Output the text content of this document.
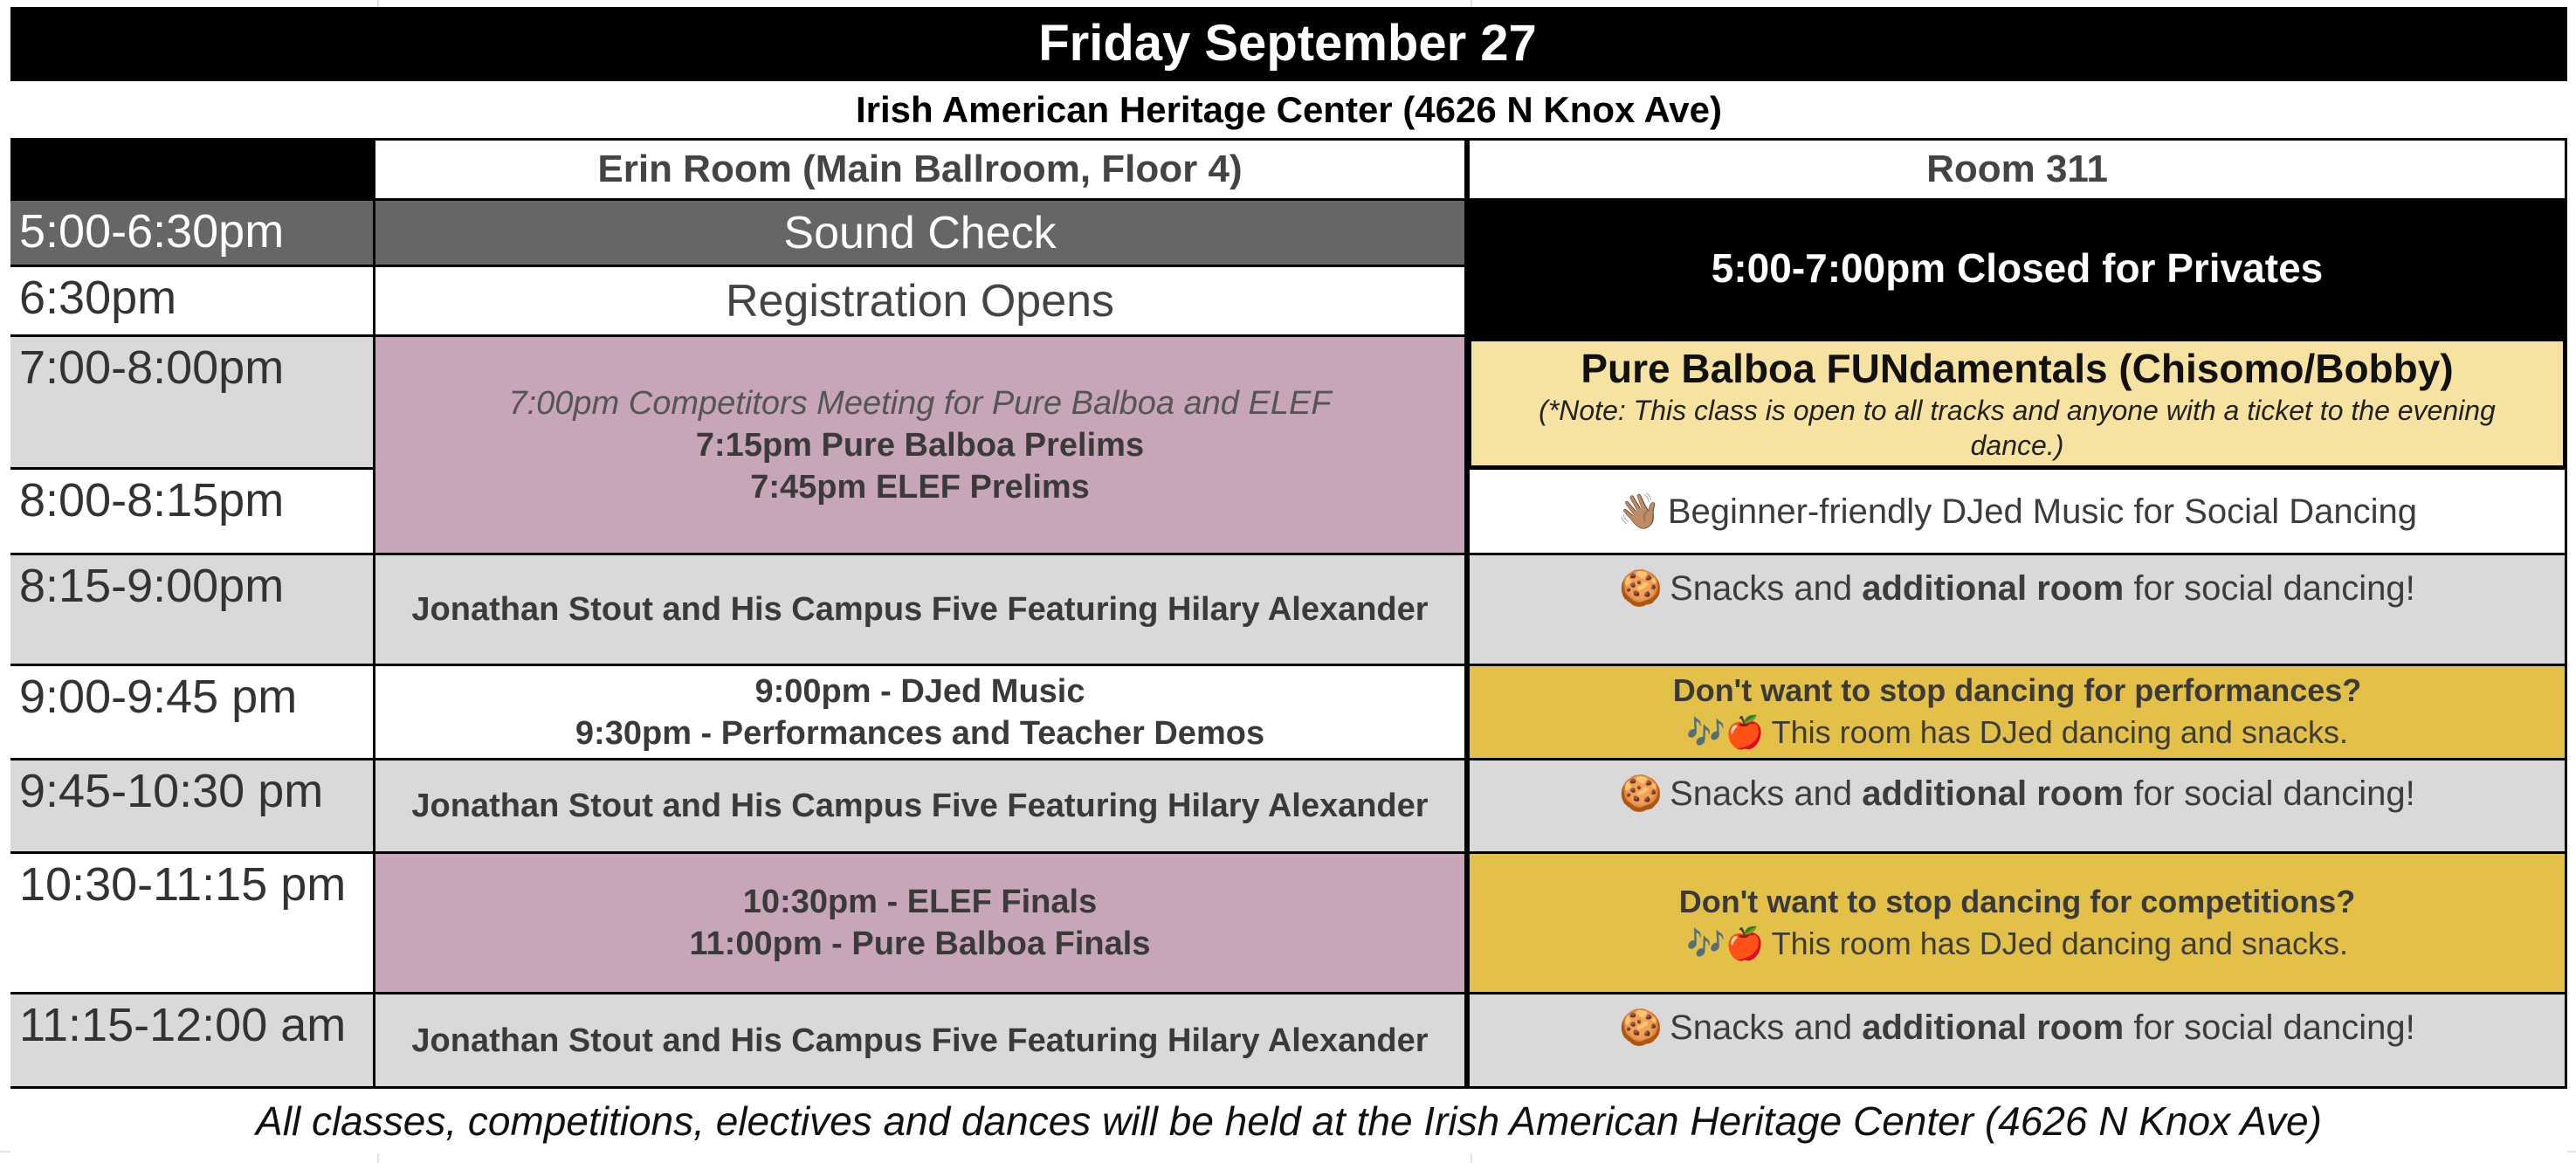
Friday September 27
Irish American Heritage Center (4626 N Knox Ave)
Erin Room (Main Ballroom, Floor 4)	Room 311
5:00-6:30pm
6:30pm
7:00-8:00pm
8:00-8:15pm
8:15-9:00pm
9:00-9:45 pm
9:45-10:30 pm
10:30-11:15 pm
11:15-12:00 am
Sound Check
Registration Opens
7:00pm Competitors Meeting for Pure Balboa and ELEF
7:15pm Pure Balboa Prelims
7:45pm ELEF Prelims
Jonathan Stout and His Campus Five Featuring Hilary Alexander
9:00pm - DJed Music
9:30pm - Performances and Teacher Demos
Jonathan Stout and His Campus Five Featuring Hilary Alexander
10:30pm - ELEF Finals
11:00pm - Pure Balboa Finals
Jonathan Stout and His Campus Five Featuring Hilary Alexander
5:00-7:00pm Closed for Privates
Pure Balboa FUNdamentals (Chisomo/Bobby)
(*Note: This class is open to all tracks and anyone with a ticket to the evening dance.)
👋🏽 Beginner-friendly DJed Music for Social Dancing
🍪 Snacks and additional room for social dancing!
Don't want to stop dancing for performances?
🎶🍎 This room has DJed dancing and snacks.
🍪 Snacks and additional room for social dancing!
Don't want to stop dancing for competitions?
🎶🍎 This room has DJed dancing and snacks.
🍪 Snacks and additional room for social dancing!
All classes, competitions, electives and dances will be held at the Irish American Heritage Center (4626 N Knox Ave)
